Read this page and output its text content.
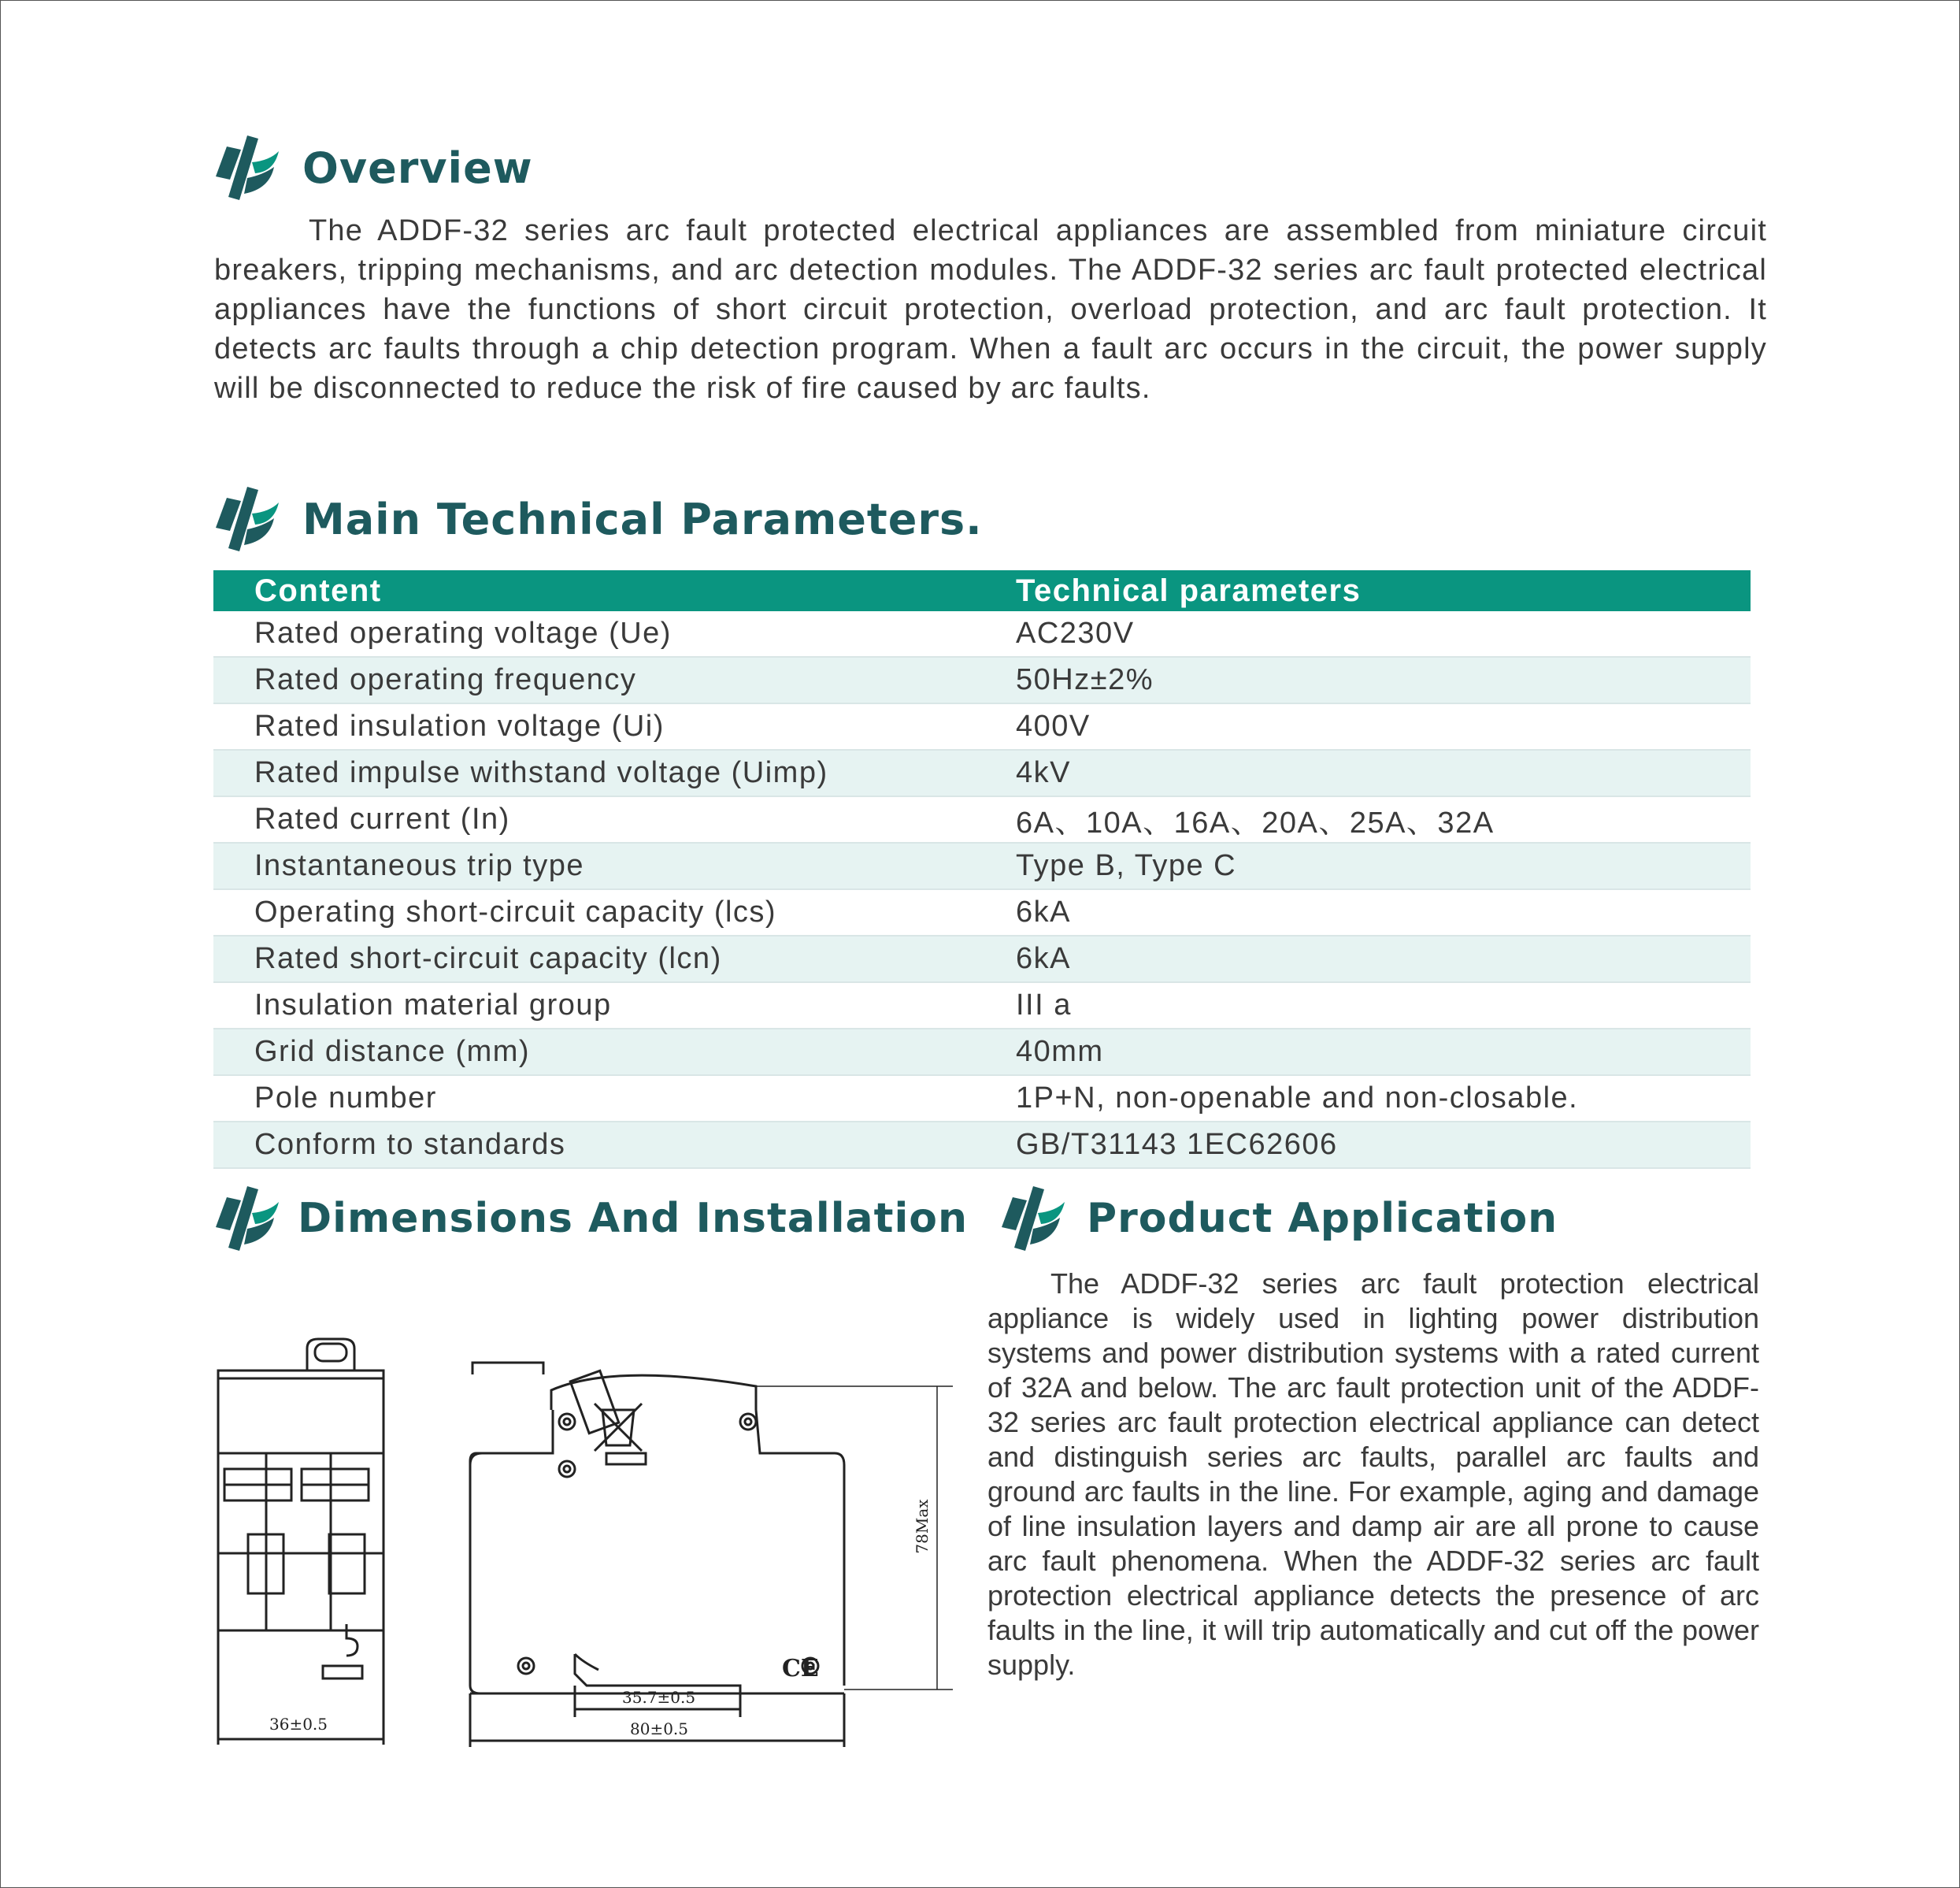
Overview

The ADDF-32 series arc fault protected electrical appliances are assembled from miniature circuit breakers, tripping mechanisms, and arc detection modules. The ADDF-32 series arc fault protected electrical appliances have the functions of short circuit protection, overload protection, and arc fault protection. It detects arc faults through a chip detection program. When a fault arc occurs in the circuit, the power supply will be disconnected to reduce the risk of fire caused by arc faults.

Main Technical Parameters.
Content	Technical parameters
Rated operating voltage (Ue)	AC230V
Rated operating frequency	50Hz±2%
Rated insulation voltage (Ui)	400V
Rated impulse withstand voltage (Uimp)	4kV
Rated current (In)	6A、10A、16A、20A、25A、32A
Instantaneous trip type	Type B, Type C
Operating short-circuit capacity (lcs)	6kA
Rated short-circuit capacity (lcn)	6kA
Insulation material group	III a
Grid distance (mm)	40mm
Pole number	1P+N, non-openable and non-closable.
Conform to standards	GB/T31143 1EC62606
Dimensions And Installation
36±0.5
CE
35.7±0.5
80±0.5
78Max
Product Application

The ADDF-32 series arc fault protection electrical appliance is widely used in lighting power distribution systems and power distribution systems with a rated current of 32A and below. The arc fault protection unit of the ADDF-32 series arc fault protection electrical appliance can detect and distinguish series arc faults, parallel arc faults and ground arc faults in the line. For example, aging and damage of line insulation layers and damp air are all prone to cause arc fault phenomena. When the ADDF-32 series arc fault protection electrical appliance detects the presence of arc faults in the line, it will trip automatically and cut off the power supply.
